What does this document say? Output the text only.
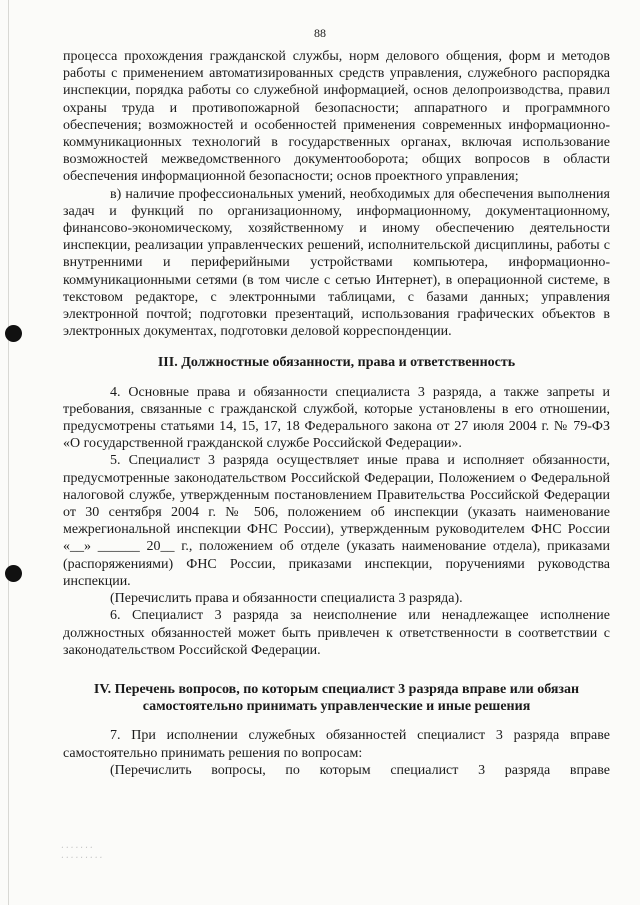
88

процесса прохождения гражданской службы, норм делового общения, форм и методов работы с применением автоматизированных средств управления, служебного распорядка инспекции, порядка работы со служебной информацией, основ делопроизводства, правил охраны труда и противопожарной безопасности; аппаратного и программного обеспечения; возможностей и особенностей применения современных информационно-коммуникационных технологий в государственных органах, включая использование возможностей межведомственного документооборота; общих вопросов в области обеспечения информационной безопасности; основ проектного управления;

в) наличие профессиональных умений, необходимых для обеспечения выполнения задач и функций по организационному, информационному, документационному, финансово-экономическому, хозяйственному и иному обеспечению деятельности инспекции, реализации управленческих решений, исполнительской дисциплины, работы с внутренними и периферийными устройствами компьютера, информационно-коммуникационными сетями (в том числе с сетью Интернет), в операционной системе, в текстовом редакторе, с электронными таблицами, с базами данных; управления электронной почтой; подготовки презентаций, использования графических объектов в электронных документах, подготовки деловой корреспонденции.

III. Должностные обязанности, права и ответственность

4. Основные права и обязанности специалиста 3 разряда, а также запреты и требования, связанные с гражданской службой, которые установлены в его отношении, предусмотрены статьями 14, 15, 17, 18 Федерального закона от 27 июля 2004 г. № 79-ФЗ «О государственной гражданской службе Российской Федерации».

5. Специалист 3 разряда осуществляет иные права и исполняет обязанности, предусмотренные законодательством Российской Федерации, Положением о Федеральной налоговой службе, утвержденным постановлением Правительства Российской Федерации от 30 сентября 2004 г. № 506, положением об инспекции (указать наименование межрегиональной инспекции ФНС России), утвержденным руководителем ФНС России «__» ______ 20__ г., положением об отделе (указать наименование отдела), приказами (распоряжениями) ФНС России, приказами инспекции, поручениями руководства инспекции.

(Перечислить права и обязанности специалиста 3 разряда).

6. Специалист 3 разряда за неисполнение или ненадлежащее исполнение должностных обязанностей может быть привлечен к ответственности в соответствии с законодательством Российской Федерации.

IV. Перечень вопросов, по которым специалист 3 разряда вправе или обязан
самостоятельно принимать управленческие и иные решения

7. При исполнении служебных обязанностей специалист 3 разряда вправе самостоятельно принимать решения по вопросам:

(Перечислить вопросы, по которым специалист 3 разряда вправе

·······
·········
